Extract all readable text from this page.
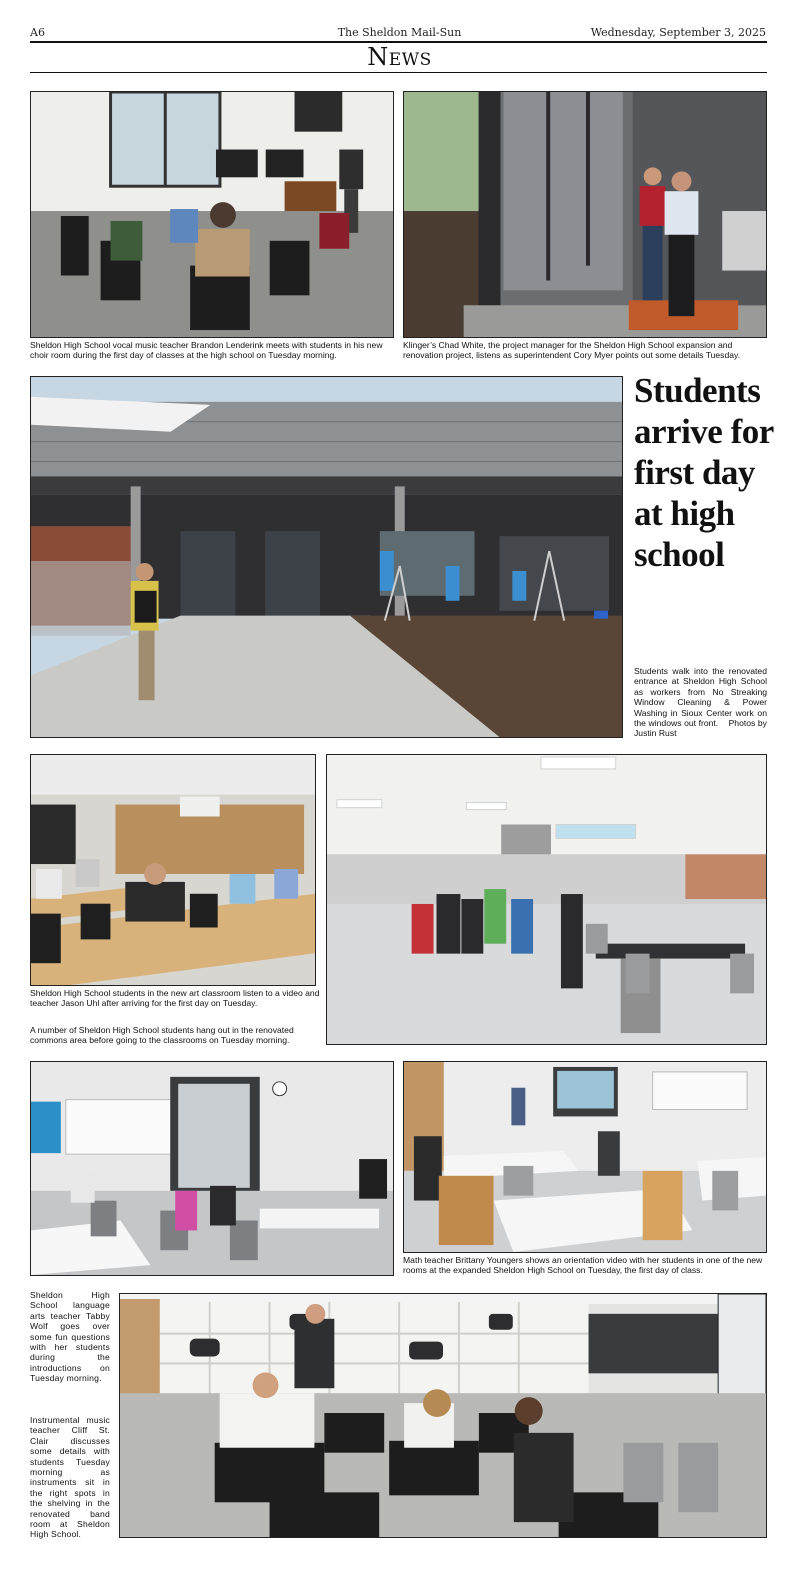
A6	The Sheldon Mail-Sun	Wednesday, September 3, 2025
News
Sheldon High School vocal music teacher Brandon Lenderink meets with students in his new choir room during the first day of classes at the high school on Tuesday morning.
Klinger’s Chad White, the project manager for the Sheldon High School expansion and renovation project, listens as superintendent Cory Myer points out some details Tuesday.
Students arrive for first day at high school
Students walk into the renovated entrance at Sheldon High School as workers from No Streaking Window Cleaning & Power Washing in Sioux Center work on the windows out front. Photos by Justin Rust
Sheldon High School students in the new art classroom listen to a video and teacher Jason Uhl after arriving for the first day on Tuesday.
A number of Sheldon High School students hang out in the renovated commons area before going to the classrooms on Tuesday morning.
Math teacher Brittany Youngers shows an orientation video with her students in one of the new rooms at the expanded Sheldon High School on Tuesday, the first day of class.
Sheldon High School language arts teacher Tabby Wolf goes over some fun questions with her students during the introductions on Tuesday morning.
Instrumental music teacher Cliff St. Clair discusses some details with students Tuesday morning as instruments sit in the right spots in the shelving in the renovated band room at Sheldon High School.
